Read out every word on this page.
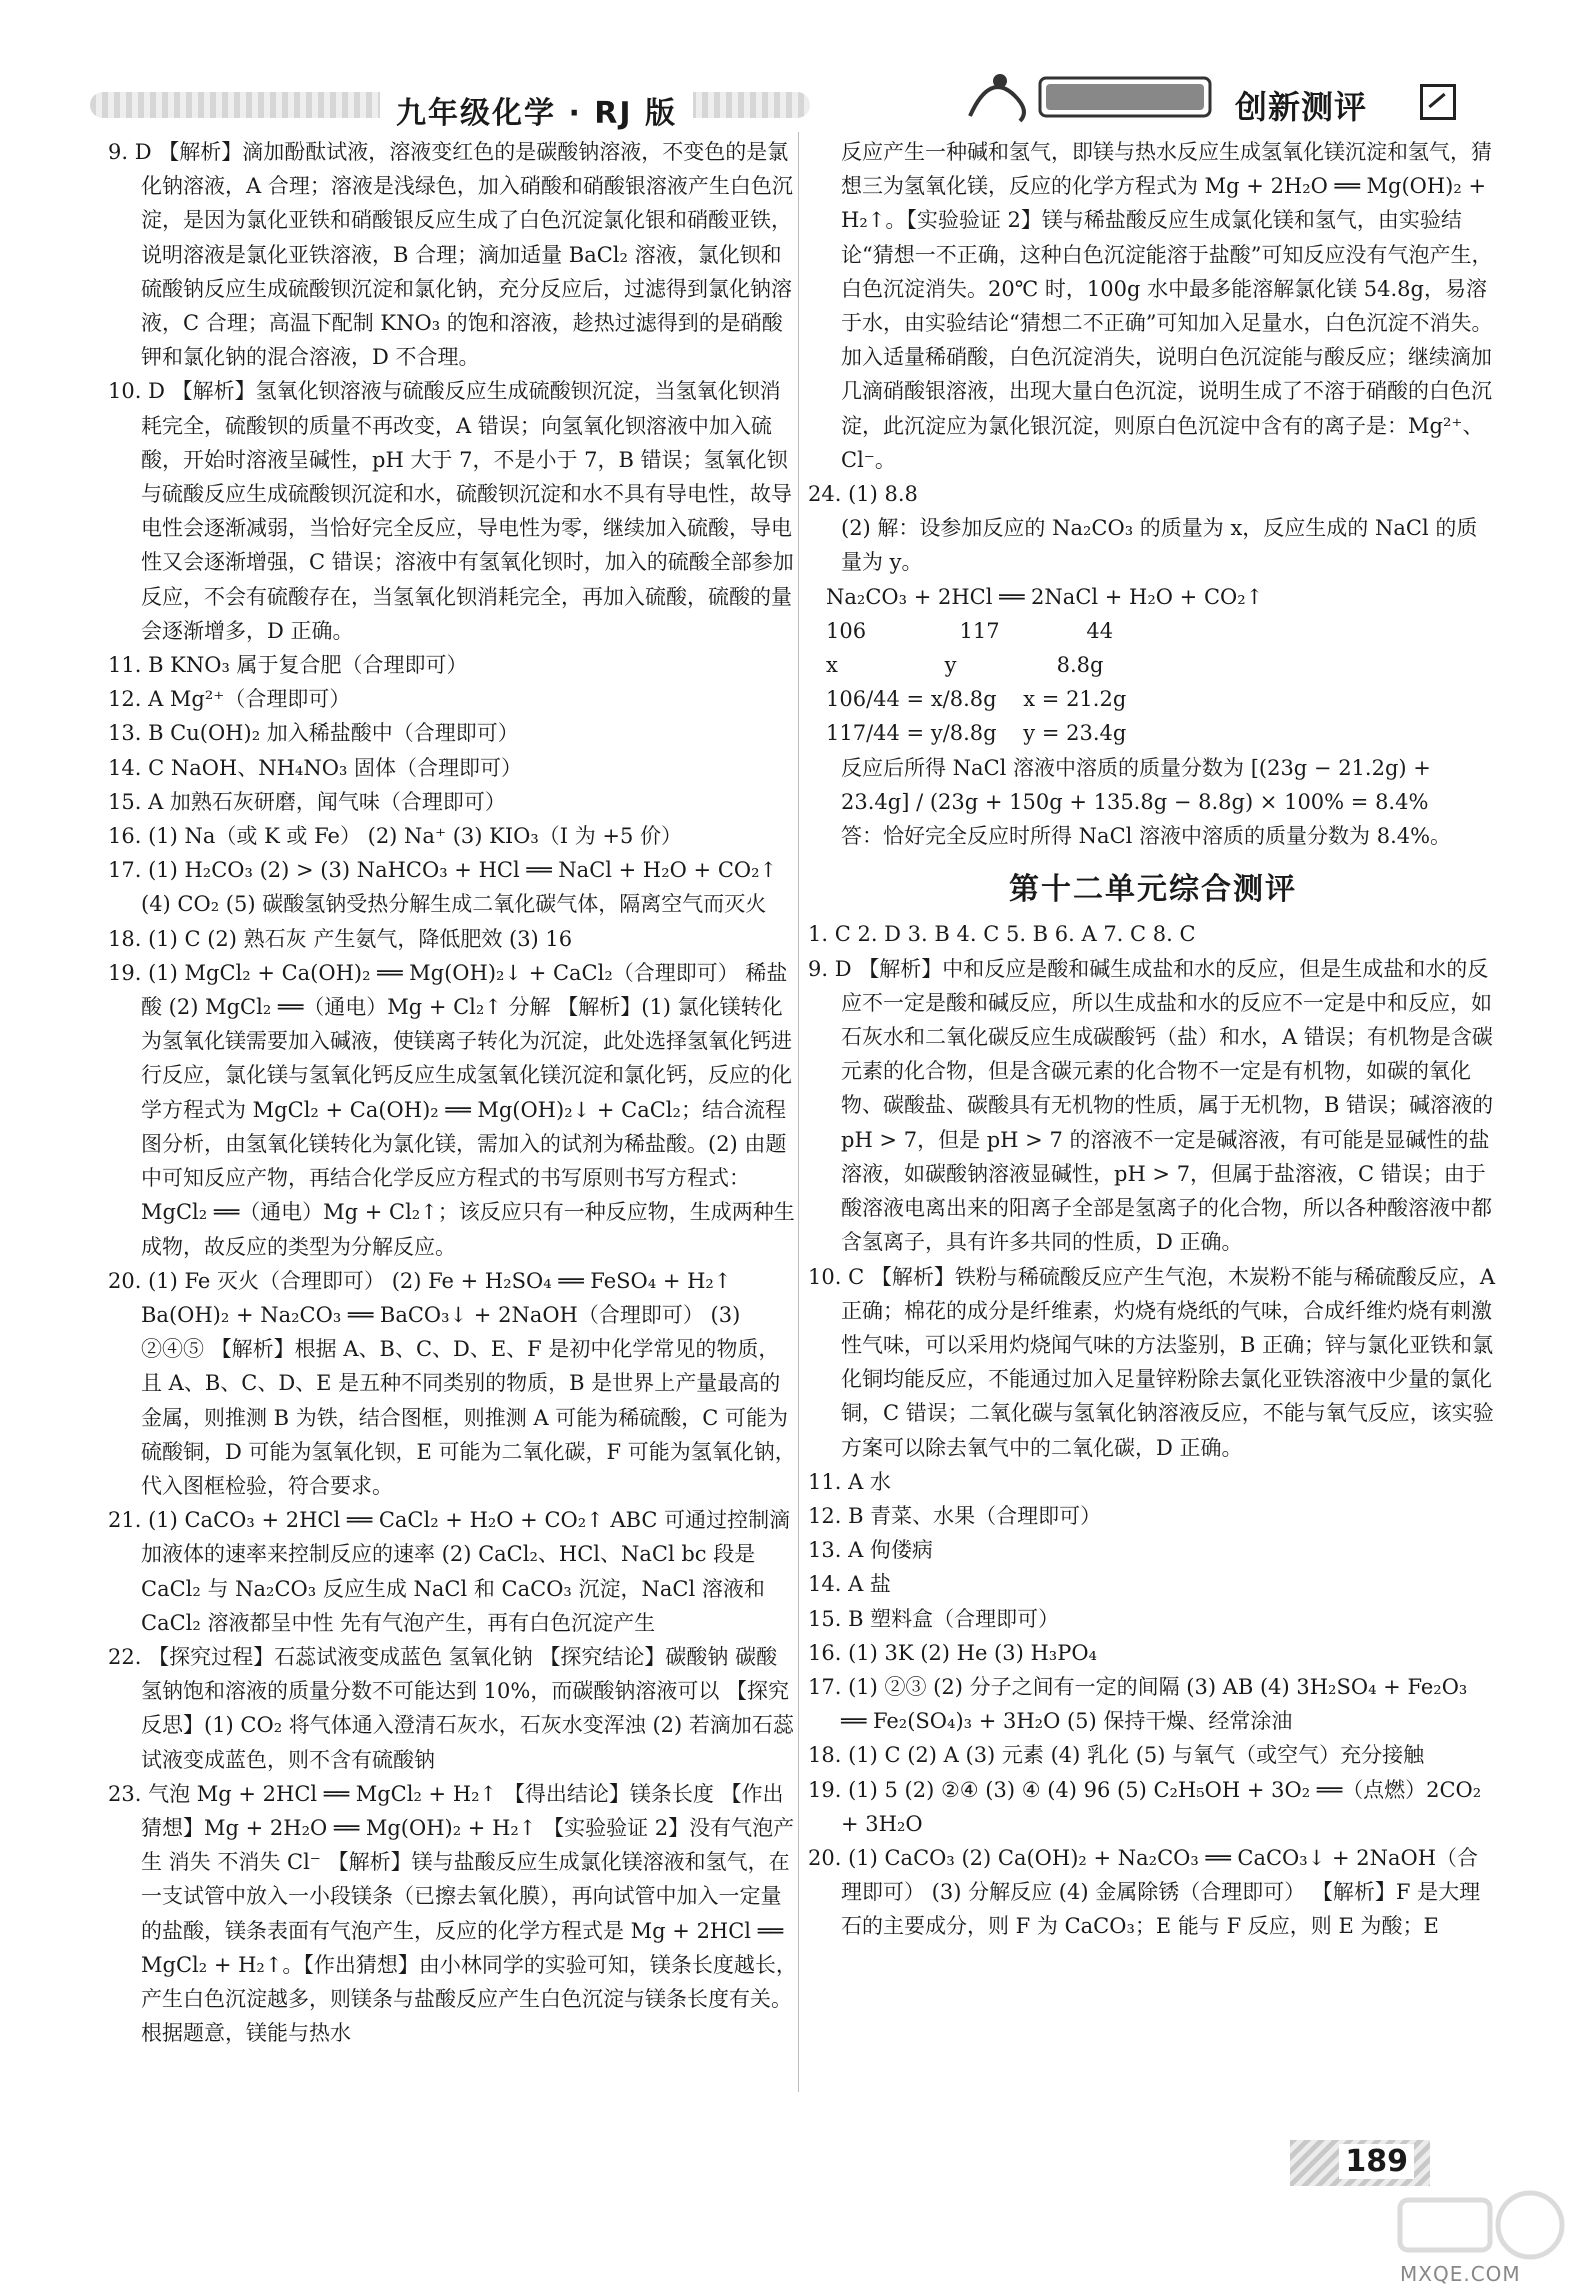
九年级化学 · RJ 版	创新测评

9. D 【解析】滴加酚酞试液，溶液变红色的是碳酸钠溶液，不变色的是氯化钠溶液，A 合理；溶液是浅绿色，加入硝酸和硝酸银溶液产生白色沉淀，是因为氯化亚铁和硝酸银反应生成了白色沉淀氯化银和硝酸亚铁，说明溶液是氯化亚铁溶液，B 合理；滴加适量 BaCl₂ 溶液，氯化钡和硫酸钠反应生成硫酸钡沉淀和氯化钠，充分反应后，过滤得到氯化钠溶液，C 合理；高温下配制 KNO₃ 的饱和溶液，趁热过滤得到的是硝酸钾和氯化钠的混合溶液，D 不合理。

10. D 【解析】氢氧化钡溶液与硫酸反应生成硫酸钡沉淀，当氢氧化钡消耗完全，硫酸钡的质量不再改变，A 错误；向氢氧化钡溶液中加入硫酸，开始时溶液呈碱性，pH 大于 7，不是小于 7，B 错误；氢氧化钡与硫酸反应生成硫酸钡沉淀和水，硫酸钡沉淀和水不具有导电性，故导电性会逐渐减弱，当恰好完全反应，导电性为零，继续加入硫酸，导电性又会逐渐增强，C 错误；溶液中有氢氧化钡时，加入的硫酸全部参加反应，不会有硫酸存在，当氢氧化钡消耗完全，再加入硫酸，硫酸的量会逐渐增多，D 正确。

11. B KNO₃ 属于复合肥（合理即可）

12. A Mg²⁺（合理即可）

13. B Cu(OH)₂ 加入稀盐酸中（合理即可）

14. C NaOH、NH₄NO₃ 固体（合理即可）

15. A 加熟石灰研磨，闻气味（合理即可）

16. (1) Na（或 K 或 Fe） (2) Na⁺ (3) KIO₃（I 为 +5 价）

17. (1) H₂CO₃ (2) > (3) NaHCO₃ + HCl ══ NaCl + H₂O + CO₂↑ (4) CO₂ (5) 碳酸氢钠受热分解生成二氧化碳气体，隔离空气而灭火

18. (1) C (2) 熟石灰 产生氨气，降低肥效 (3) 16

19. (1) MgCl₂ + Ca(OH)₂ ══ Mg(OH)₂↓ + CaCl₂（合理即可） 稀盐酸 (2) MgCl₂ ══（通电）Mg + Cl₂↑ 分解 【解析】(1) 氯化镁转化为氢氧化镁需要加入碱液，使镁离子转化为沉淀，此处选择氢氧化钙进行反应，氯化镁与氢氧化钙反应生成氢氧化镁沉淀和氯化钙，反应的化学方程式为 MgCl₂ + Ca(OH)₂ ══ Mg(OH)₂↓ + CaCl₂；结合流程图分析，由氢氧化镁转化为氯化镁，需加入的试剂为稀盐酸。(2) 由题中可知反应产物，再结合化学反应方程式的书写原则书写方程式：MgCl₂ ══（通电）Mg + Cl₂↑；该反应只有一种反应物，生成两种生成物，故反应的类型为分解反应。

20. (1) Fe 灭火（合理即可） (2) Fe + H₂SO₄ ══ FeSO₄ + H₂↑ Ba(OH)₂ + Na₂CO₃ ══ BaCO₃↓ + 2NaOH（合理即可） (3) ②④⑤ 【解析】根据 A、B、C、D、E、F 是初中化学常见的物质，且 A、B、C、D、E 是五种不同类别的物质，B 是世界上产量最高的金属，则推测 B 为铁，结合图框，则推测 A 可能为稀硫酸，C 可能为硫酸铜，D 可能为氢氧化钡，E 可能为二氧化碳，F 可能为氢氧化钠，代入图框检验，符合要求。

21. (1) CaCO₃ + 2HCl ══ CaCl₂ + H₂O + CO₂↑ ABC 可通过控制滴加液体的速率来控制反应的速率 (2) CaCl₂、HCl、NaCl bc 段是 CaCl₂ 与 Na₂CO₃ 反应生成 NaCl 和 CaCO₃ 沉淀，NaCl 溶液和 CaCl₂ 溶液都呈中性 先有气泡产生，再有白色沉淀产生

22. 【探究过程】石蕊试液变成蓝色 氢氧化钠 【探究结论】碳酸钠 碳酸氢钠饱和溶液的质量分数不可能达到 10%，而碳酸钠溶液可以 【探究反思】(1) CO₂ 将气体通入澄清石灰水，石灰水变浑浊 (2) 若滴加石蕊试液变成蓝色，则不含有硫酸钠

23. 气泡 Mg + 2HCl ══ MgCl₂ + H₂↑ 【得出结论】镁条长度 【作出猜想】Mg + 2H₂O ══ Mg(OH)₂ + H₂↑ 【实验验证 2】没有气泡产生 消失 不消失 Cl⁻ 【解析】镁与盐酸反应生成氯化镁溶液和氢气，在一支试管中放入一小段镁条（已擦去氧化膜），再向试管中加入一定量的盐酸，镁条表面有气泡产生，反应的化学方程式是 Mg + 2HCl ══ MgCl₂ + H₂↑。【作出猜想】由小林同学的实验可知，镁条长度越长，产生白色沉淀越多，则镁条与盐酸反应产生白色沉淀与镁条长度有关。根据题意，镁能与热水

反应产生一种碱和氢气，即镁与热水反应生成氢氧化镁沉淀和氢气，猜想三为氢氧化镁，反应的化学方程式为 Mg + 2H₂O ══ Mg(OH)₂ + H₂↑。【实验验证 2】镁与稀盐酸反应生成氯化镁和氢气，由实验结论“猜想一不正确，这种白色沉淀能溶于盐酸”可知反应没有气泡产生，白色沉淀消失。20℃ 时，100g 水中最多能溶解氯化镁 54.8g，易溶于水，由实验结论“猜想二不正确”可知加入足量水，白色沉淀不消失。加入适量稀硝酸，白色沉淀消失，说明白色沉淀能与酸反应；继续滴加几滴硝酸银溶液，出现大量白色沉淀，说明生成了不溶于硝酸的白色沉淀，此沉淀应为氯化银沉淀，则原白色沉淀中含有的离子是：Mg²⁺、Cl⁻。

24. (1) 8.8

(2) 解：设参加反应的 Na₂CO₃ 的质量为 x，反应生成的 NaCl 的质量为 y。

Na₂CO₃ + 2HCl ══ 2NaCl + H₂O + CO₂↑

106              117             44

x                y               8.8g

106/44 = x/8.8g    x = 21.2g

117/44 = y/8.8g    y = 23.4g

反应后所得 NaCl 溶液中溶质的质量分数为 [(23g − 21.2g) + 23.4g] / (23g + 150g + 135.8g − 8.8g) × 100% = 8.4%

答：恰好完全反应时所得 NaCl 溶液中溶质的质量分数为 8.4%。

第十二单元综合测评

1. C 2. D 3. B 4. C 5. B 6. A 7. C 8. C

9. D 【解析】中和反应是酸和碱生成盐和水的反应，但是生成盐和水的反应不一定是酸和碱反应，所以生成盐和水的反应不一定是中和反应，如石灰水和二氧化碳反应生成碳酸钙（盐）和水，A 错误；有机物是含碳元素的化合物，但是含碳元素的化合物不一定是有机物，如碳的氧化物、碳酸盐、碳酸具有无机物的性质，属于无机物，B 错误；碱溶液的 pH > 7，但是 pH > 7 的溶液不一定是碱溶液，有可能是显碱性的盐溶液，如碳酸钠溶液显碱性，pH > 7，但属于盐溶液，C 错误；由于酸溶液电离出来的阳离子全部是氢离子的化合物，所以各种酸溶液中都含氢离子，具有许多共同的性质，D 正确。

10. C 【解析】铁粉与稀硫酸反应产生气泡，木炭粉不能与稀硫酸反应，A 正确；棉花的成分是纤维素，灼烧有烧纸的气味，合成纤维灼烧有刺激性气味，可以采用灼烧闻气味的方法鉴别，B 正确；锌与氯化亚铁和氯化铜均能反应，不能通过加入足量锌粉除去氯化亚铁溶液中少量的氯化铜，C 错误；二氧化碳与氢氧化钠溶液反应，不能与氧气反应，该实验方案可以除去氧气中的二氧化碳，D 正确。

11. A 水

12. B 青菜、水果（合理即可）

13. A 佝偻病

14. A 盐

15. B 塑料盒（合理即可）

16. (1) 3K (2) He (3) H₃PO₄

17. (1) ②③ (2) 分子之间有一定的间隔 (3) AB (4) 3H₂SO₄ + Fe₂O₃ ══ Fe₂(SO₄)₃ + 3H₂O (5) 保持干燥、经常涂油

18. (1) C (2) A (3) 元素 (4) 乳化 (5) 与氧气（或空气）充分接触

19. (1) 5 (2) ②④ (3) ④ (4) 96 (5) C₂H₅OH + 3O₂ ══（点燃）2CO₂ + 3H₂O

20. (1) CaCO₃ (2) Ca(OH)₂ + Na₂CO₃ ══ CaCO₃↓ + 2NaOH（合理即可） (3) 分解反应 (4) 金属除锈（合理即可） 【解析】F 是大理石的主要成分，则 F 为 CaCO₃；E 能与 F 反应，则 E 为酸；E

189
MXQE.COM
